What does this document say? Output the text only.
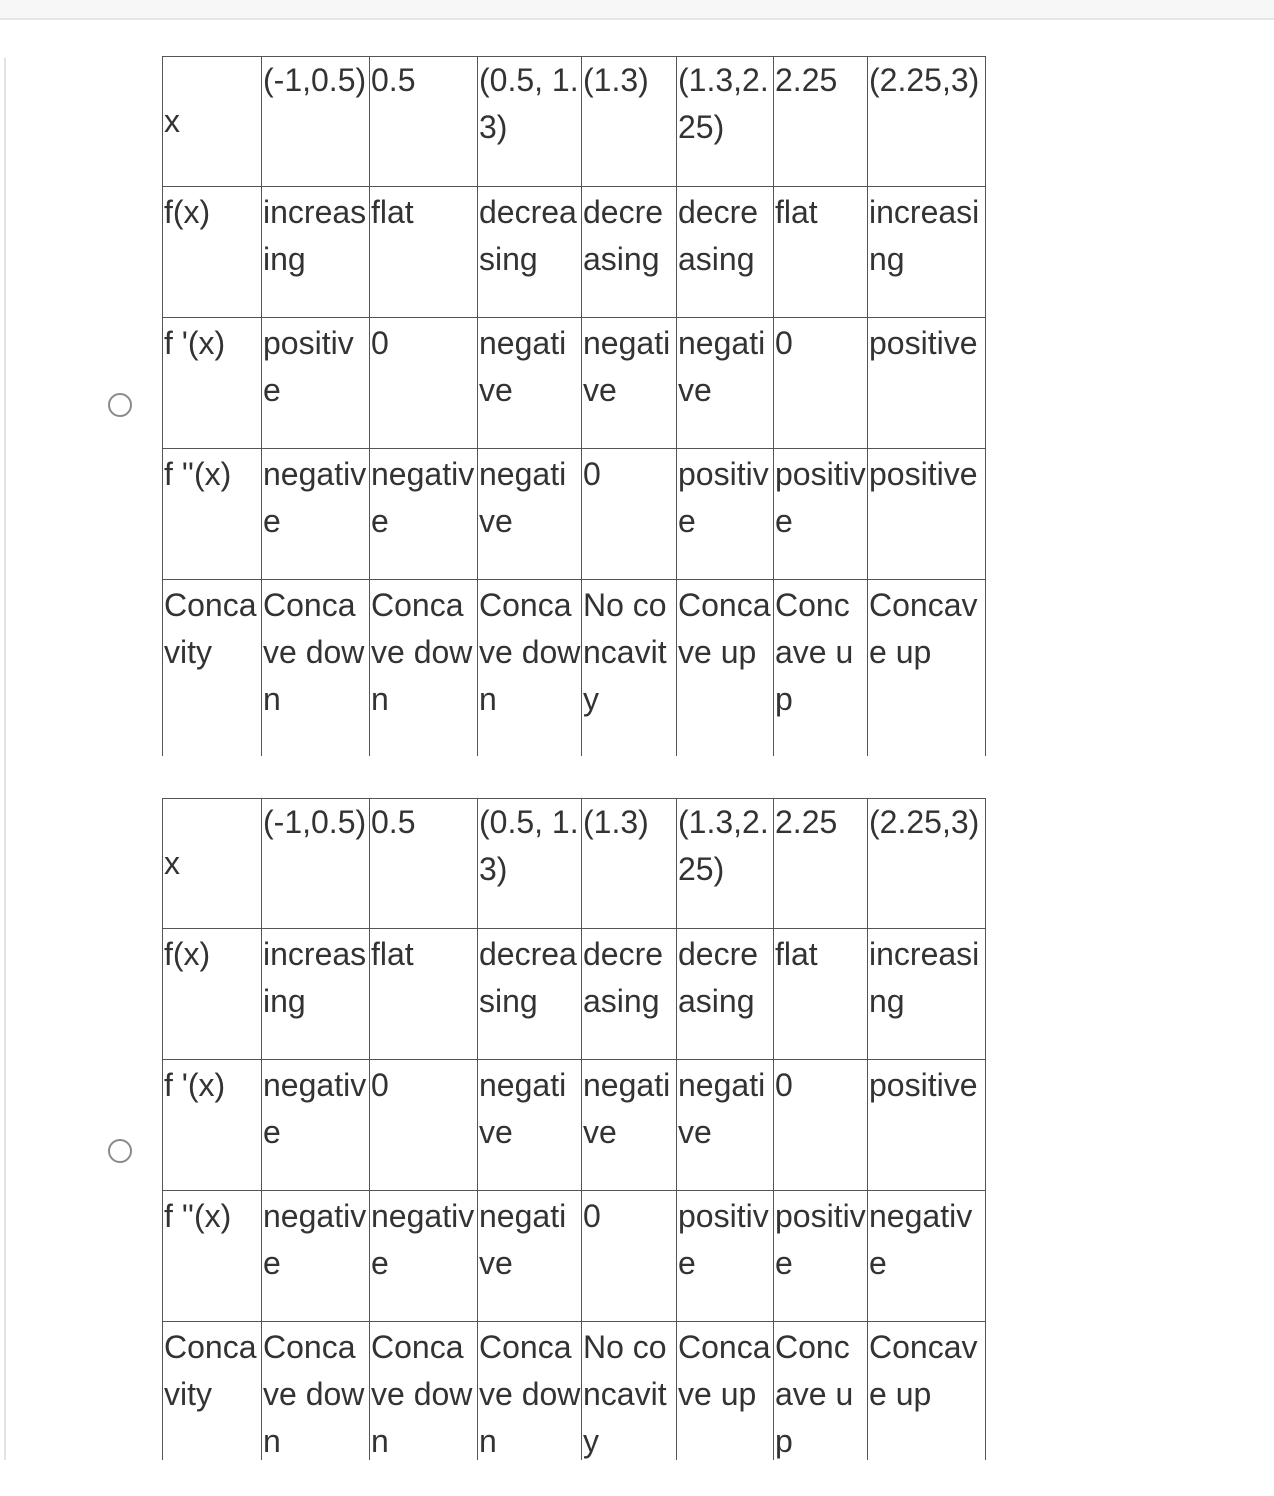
x	(-1,0.5)	0.5	(0.5, 1.3)	(1.3)	(1.3,2.25)	2.25	(2.25,3)

f(x)	increasing	flat	decreasing	decreasing	decreasing	flat	increasing

f '(x)	positive	0	negative	negative	negative	0	positive

f ''(x)	negative	negative	negative	0	positive	positive	positive

Concavity	Concave down	Concave down	Concave down	No concavity	Concave up	Concave up	Concave up
x	(-1,0.5)	0.5	(0.5, 1.3)	(1.3)	(1.3,2.25)	2.25	(2.25,3)

f(x)	increasing	flat	decreasing	decreasing	decreasing	flat	increasing

f '(x)	negative	0	negative	negative	negative	0	positive

f ''(x)	negative	negative	negative	0	positive	positive	negative

Concavity	Concave down	Concave down	Concave down	No concavity	Concave up	Concave up	Concave up
